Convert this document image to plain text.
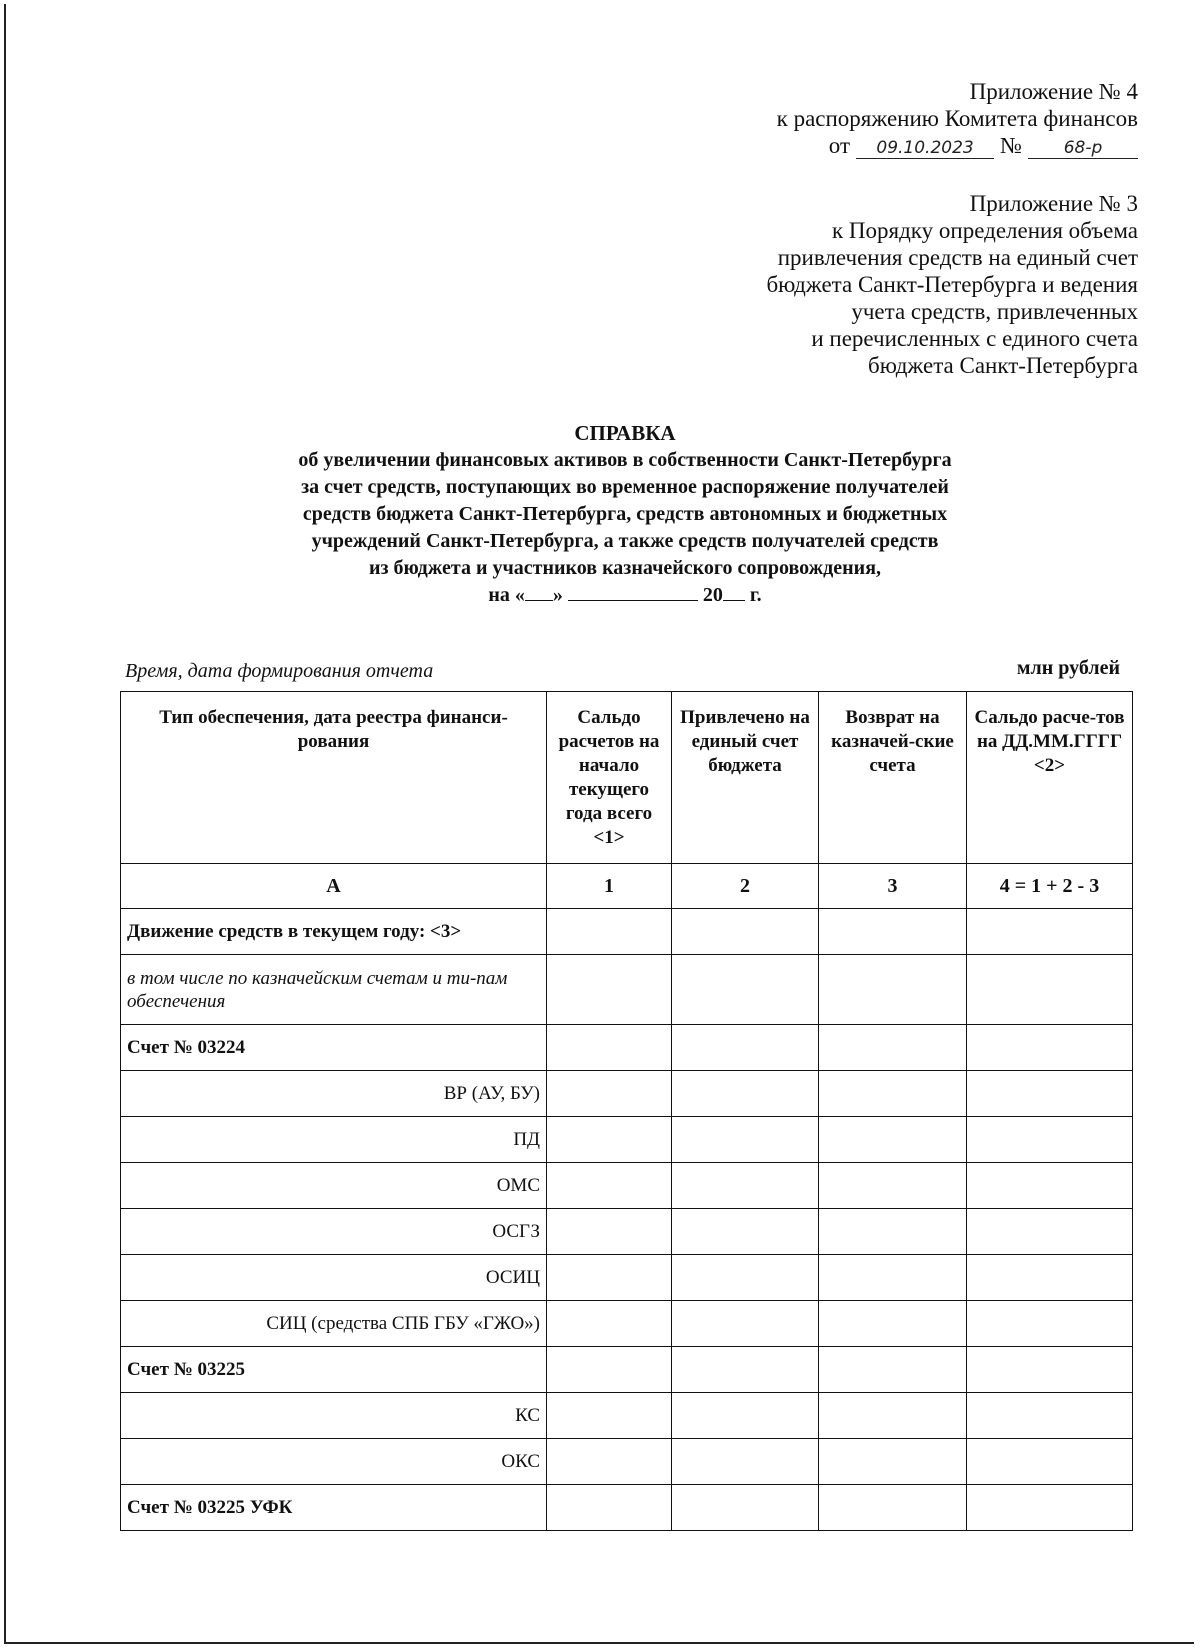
Приложение № 4
к распоряжению Комитета финансов
от	09.10.2023	№	68-р
Приложение № 3
к Порядку определения объема
привлечения средств на единый счет
бюджета Санкт-Петербурга и ведения
учета средств, привлеченных
и перечисленных с единого счета
бюджета Санкт-Петербурга
СПРАВКА
об увеличении финансовых активов в собственности Санкт-Петербурга
за счет средств, поступающих во временное распоряжение получателей
средств бюджета Санкт-Петербурга, средств автономных и бюджетных
учреждений Санкт-Петербурга, а также средств получателей средств
из бюджета и участников казначейского сопровождения,
на « »	20 г.
Время, дата формирования отчета	млн рублей
Тип обеспечения, дата реестра финанси-рования	Сальдо расчетов на начало текущего года всего <1>	Привлечено на единый счет бюджета	Возврат на казначей-ские счета	Сальдо расче-тов на ДД.ММ.ГГГГ <2>
А	1	2	3	4 = 1 + 2 - 3
Движение средств в текущем году: <3>				
в том числе по казначейским счетам и ти-пам обеспечения				
Счет № 03224				
ВР (АУ, БУ)				
ПД				
ОМС				
ОСГЗ				
ОСИЦ				
СИЦ (средства СПБ ГБУ «ГЖО»)				
Счет № 03225				
КС				
ОКС				
Счет № 03225 УФК				
